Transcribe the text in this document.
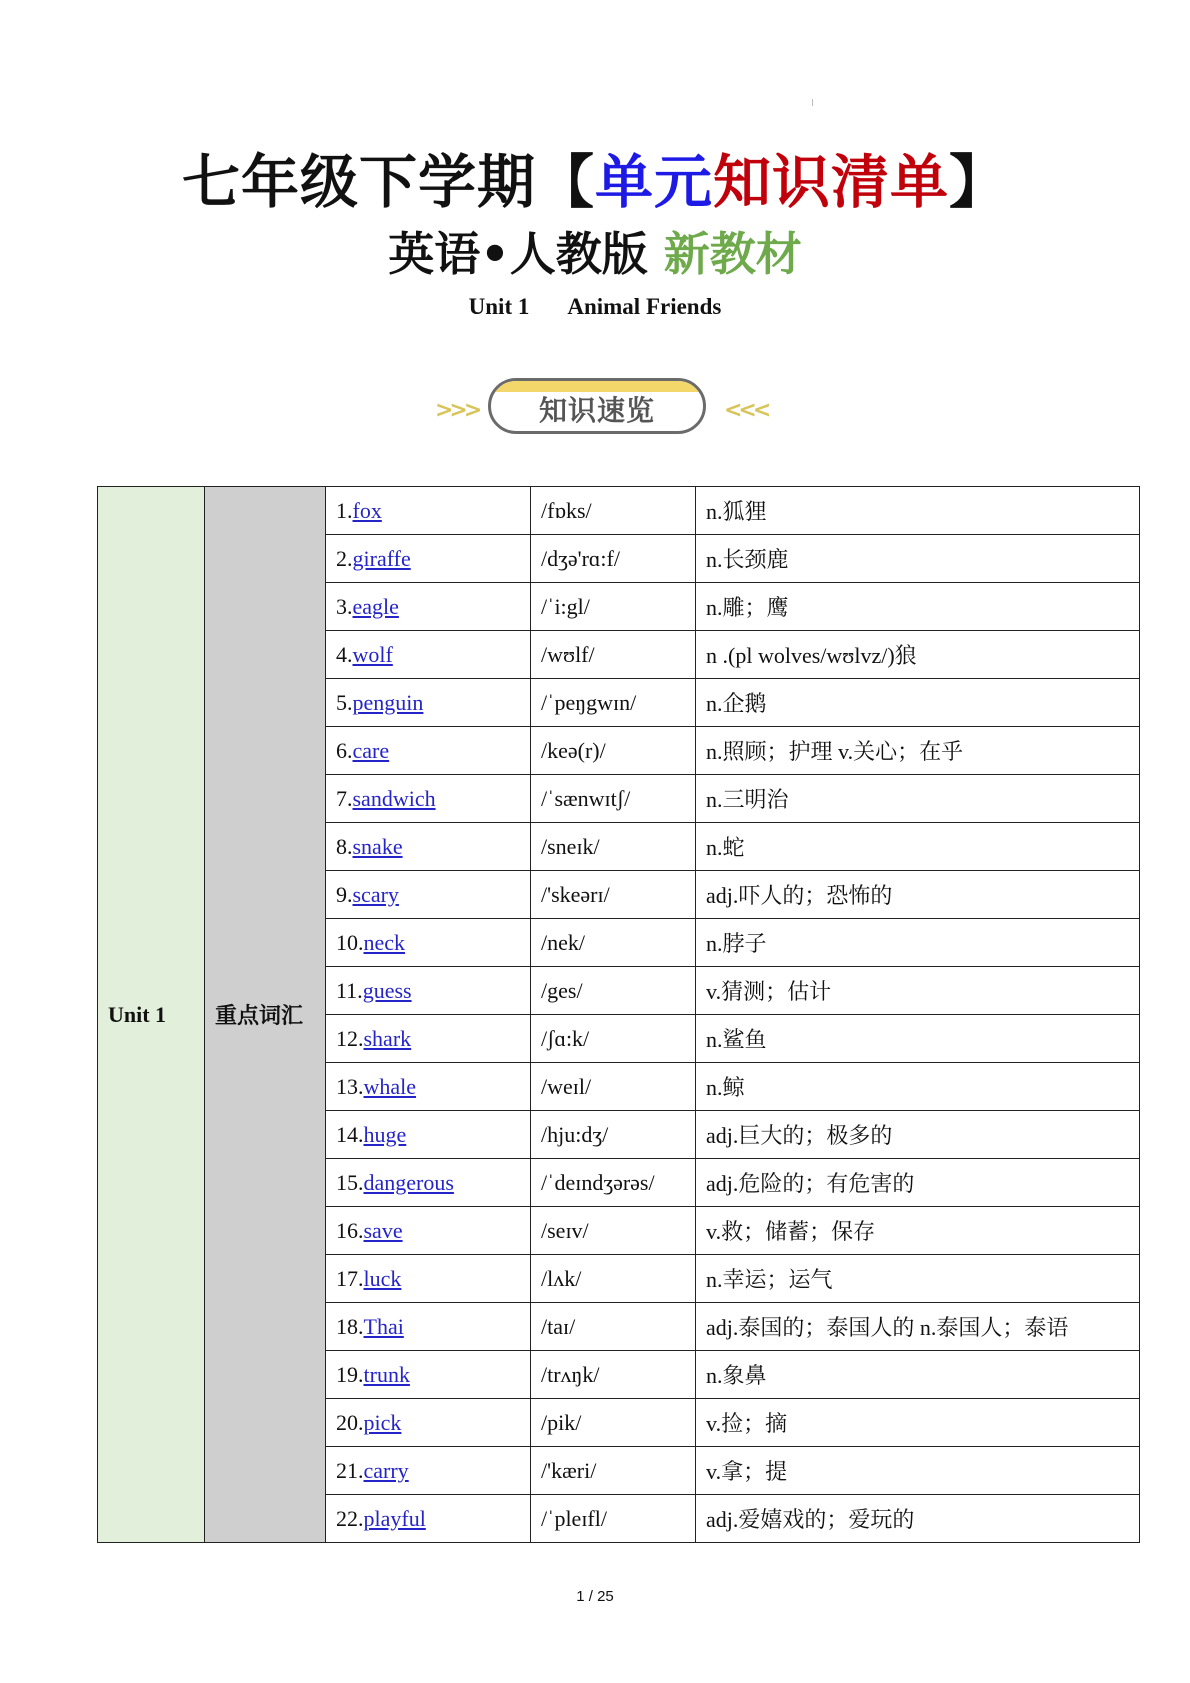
七年级下学期【单元知识清单】
英语•人教版 新教材
Unit 1 Animal Friends
>>>	知识速览	<<<
Unit 1	重点词汇	1.fox	/fɒks/	n.狐狸
		2.giraffe	/dʒə'rɑ:f/	n.长颈鹿
		3.eagle	/ˈi:gl/	n.雕；鹰
		4.wolf	/wʊlf/	n .(pl wolves/wʊlvz/)狼
		5.penguin	/ˈpeŋgwɪn/	n.企鹅
		6.care	/keə(r)/	n.照顾；护理 v.关心；在乎
		7.sandwich	/ˈsænwɪtʃ/	n.三明治
		8.snake	/sneɪk/	n.蛇
		9.scary	/'skeərɪ/	adj.吓人的；恐怖的
		10.neck	/nek/	n.脖子
		11.guess	/ges/	v.猜测；估计
		12.shark	/ʃɑ:k/	n.鲨鱼
		13.whale	/weɪl/	n.鲸
		14.huge	/hju:dʒ/	adj.巨大的；极多的
		15.dangerous	/ˈdeɪndʒərəs/	adj.危险的；有危害的
		16.save	/seɪv/	v.救；储蓄；保存
		17.luck	/lʌk/	n.幸运；运气
		18.Thai	/taɪ/	adj.泰国的；泰国人的 n.泰国人；泰语
		19.trunk	/trʌŋk/	n.象鼻
		20.pick	/pik/	v.捡；摘
		21.carry	/'kæri/	v.拿；提
		22.playful	/ˈpleɪfl/	adj.爱嬉戏的；爱玩的
1 / 25
